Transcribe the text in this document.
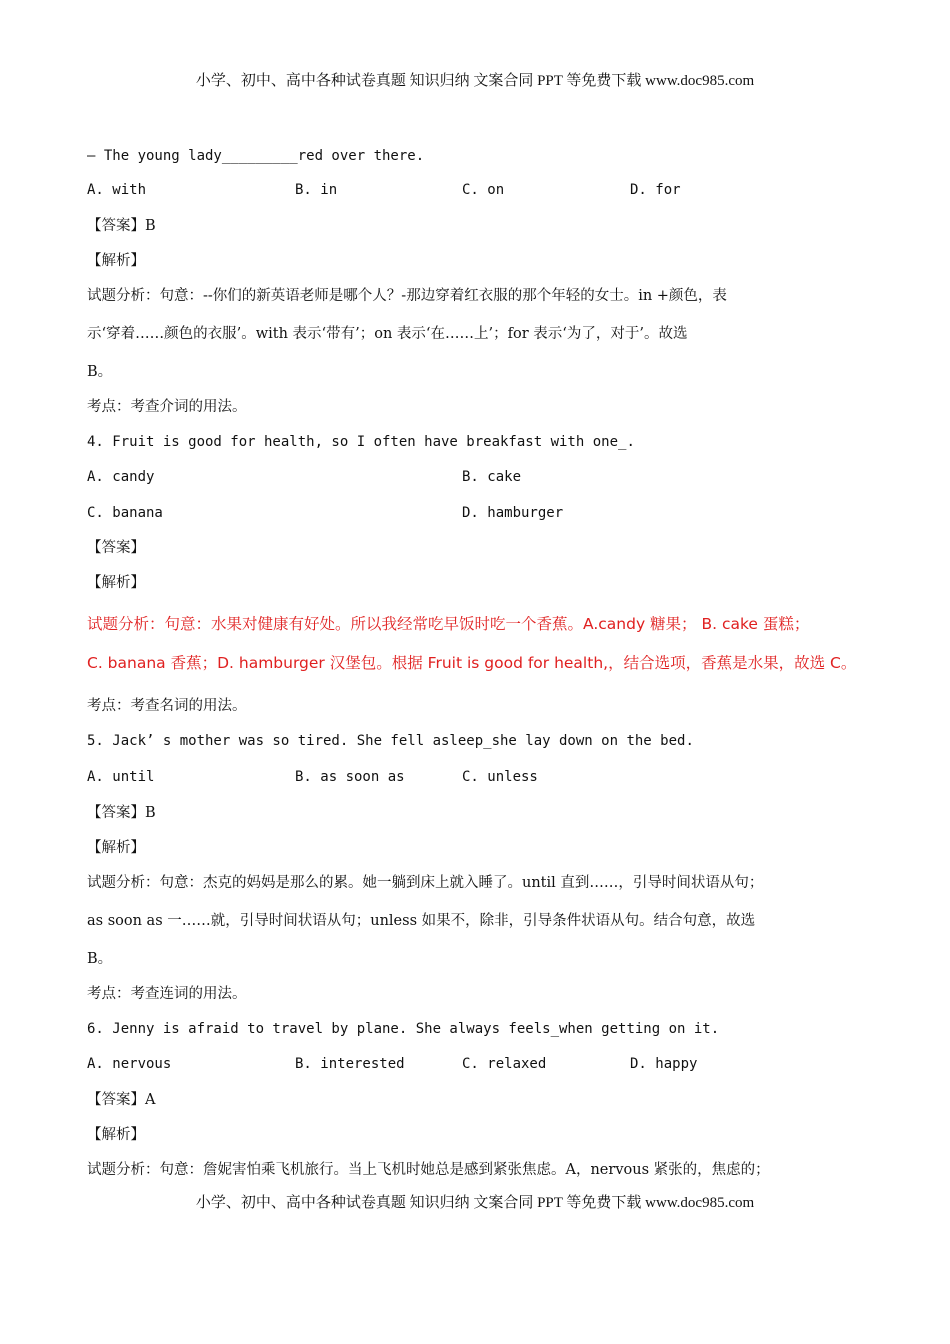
小学、初中、高中各种试卷真题 知识归纳 文案合同 PPT 等免费下载 www.doc985.com
— The young lady_________red over there.
A. with	B. in	C. on	D. for
【答案】B
【解析】
试题分析：句意：--你们的新英语老师是哪个人？-那边穿着红衣服的那个年轻的女士。in +颜色，表
示‘穿着……颜色的衣服’。with 表示‘带有’；on 表示‘在……上’；for 表示‘为了，对于’。故选
B。
考点：考查介词的用法。
4. Fruit is good for health, so I often have breakfast with one_.
A. candy	B. cake
C. banana	D. hamburger
【答案】
【解析】
试题分析：句意：水果对健康有好处。所以我经常吃早饭时吃一个香蕉。A.candy 糖果； B. cake 蛋糕；
C. banana 香蕉；D. hamburger 汉堡包。根据 Fruit is good for health,，结合选项，香蕉是水果，故选 C。
考点：考查名词的用法。
5. Jack’ s mother was so tired. She fell asleep_she lay down on the bed.
A. until	B. as soon as	C. unless
【答案】B
【解析】
试题分析：句意：杰克的妈妈是那么的累。她一躺到床上就入睡了。until 直到……，引导时间状语从句；
as soon as 一……就，引导时间状语从句；unless 如果不，除非，引导条件状语从句。结合句意，故选
B。
考点：考查连词的用法。
6. Jenny is afraid to travel by plane. She always feels_when getting on it.
A. nervous	B. interested	C. relaxed	D. happy
【答案】A
【解析】
试题分析：句意：詹妮害怕乘飞机旅行。当上飞机时她总是感到紧张焦虑。A，nervous 紧张的，焦虑的；
小学、初中、高中各种试卷真题 知识归纳 文案合同 PPT 等免费下载 www.doc985.com
